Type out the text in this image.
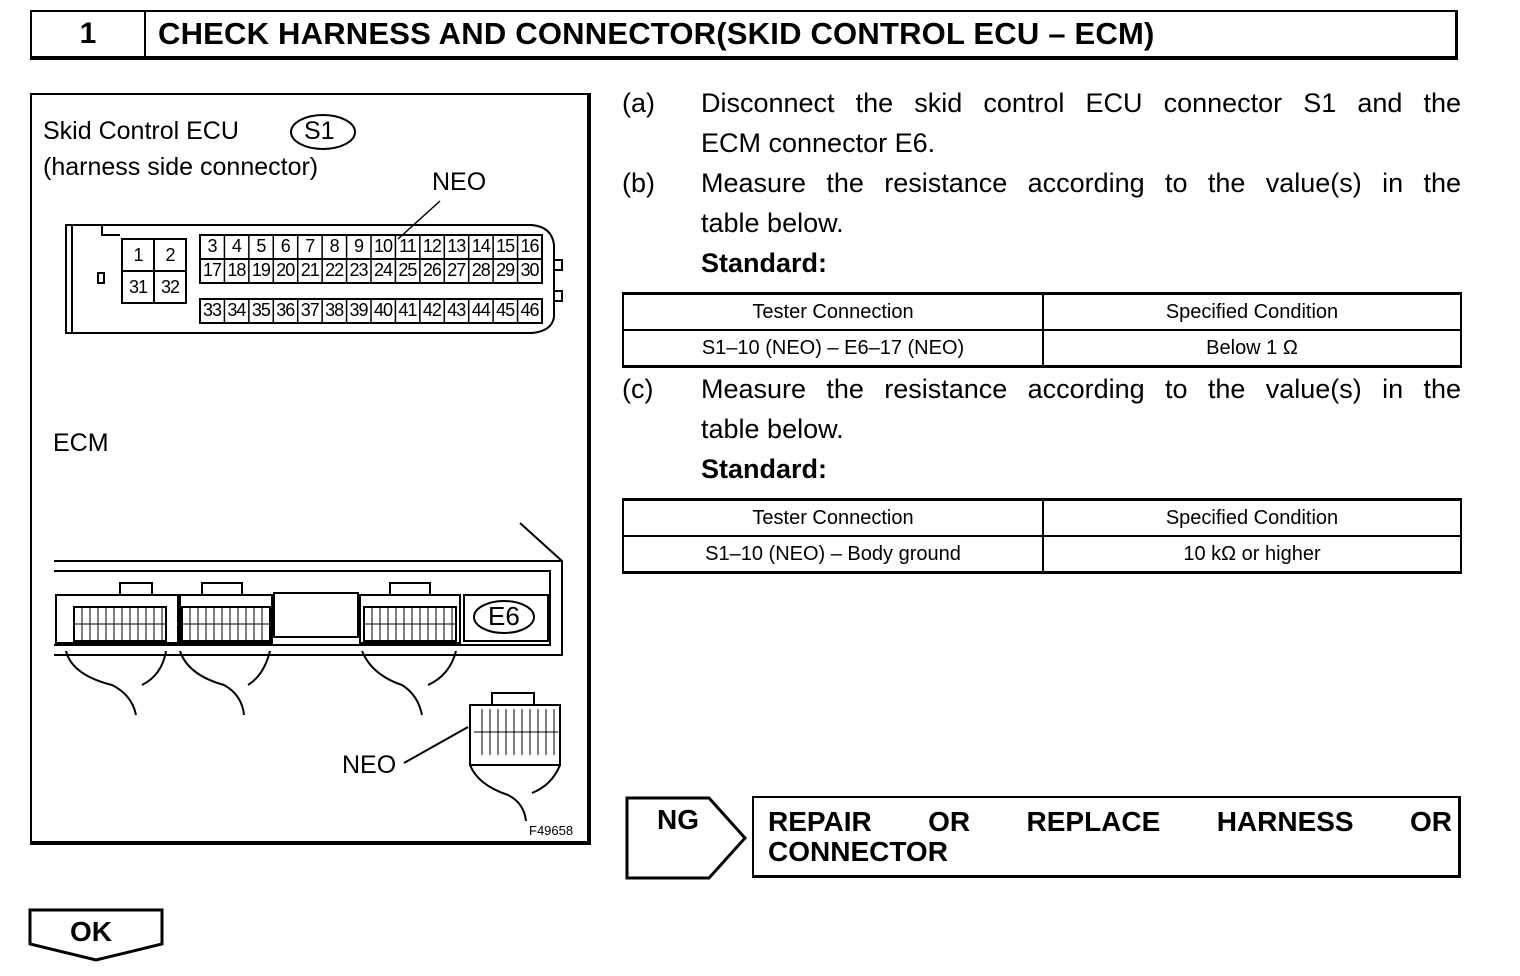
1	CHECK HARNESS AND CONNECTOR(SKID CONTROL ECU – ECM)
Skid Control ECU	S1
(harness side connector)
NEO
ECM
E6
NEO
F49658
1	2
31 32
3 4 5 6 7 8 9 10 11 12 13 14 15 16
17 18 19 20 21 22 23 24 25 26 27 28 29 30
33 34 35 36 37 38 39 40 41 42 43 44 45 46
(a) Disconnect the skid control ECU connector S1 and the
ECM connector E6.
(b) Measure the resistance according to the value(s) in the
table below.
Standard:
Tester Connection	Specified Condition
S1–10 (NEO) – E6–17 (NEO)	Below 1 Ω
(c) Measure the resistance according to the value(s) in the
table below.
Standard:
Tester Connection	Specified Condition
S1–10 (NEO) – Body ground	10 kΩ or higher
NG REPAIR OR REPLACE HARNESS OR
CONNECTOR
OK
